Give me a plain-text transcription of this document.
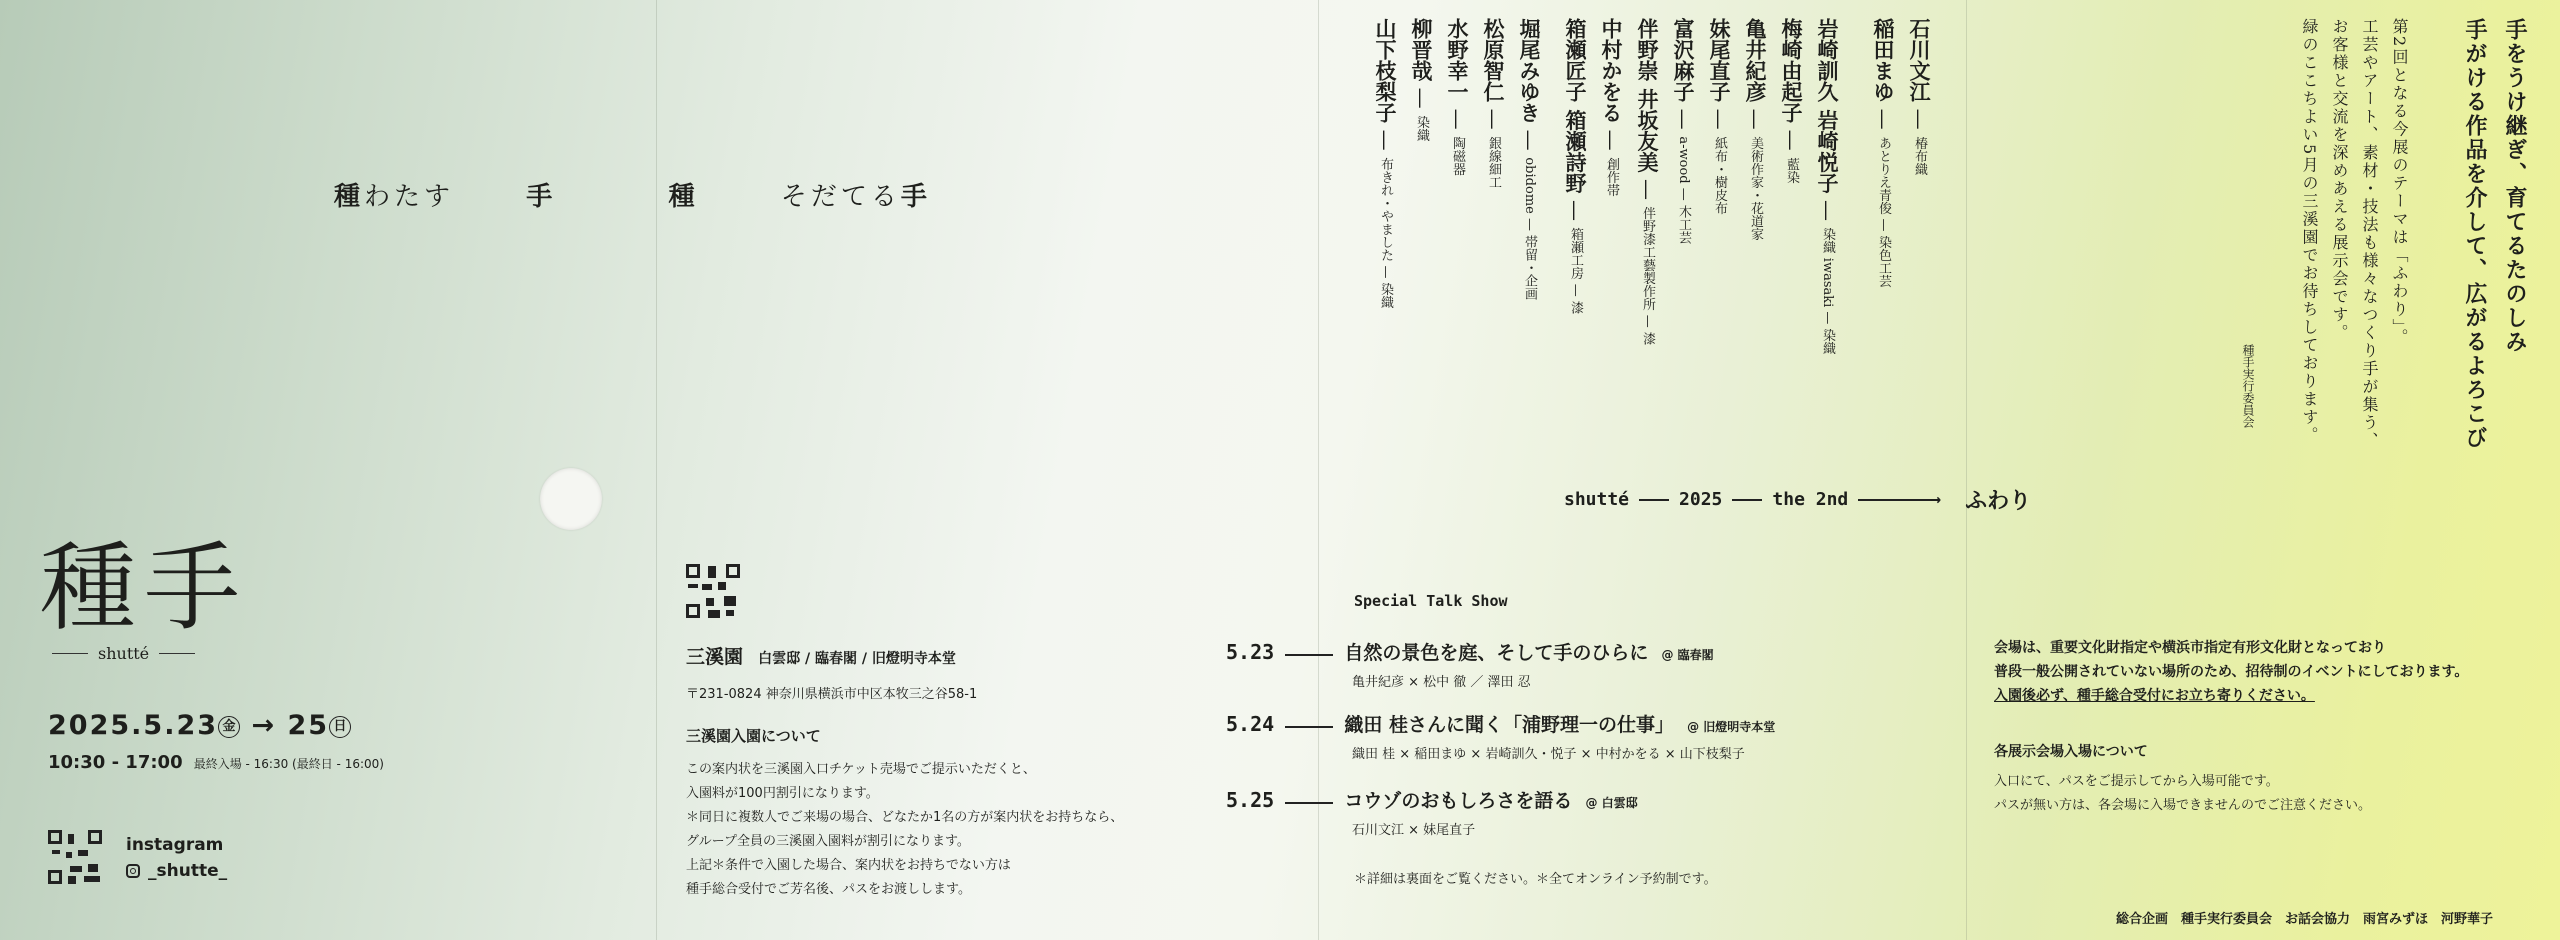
種わたす	手	種	そだてる手
種手
shutté
2025.5.23 金 → 25 日
10:30 - 17:00 最終入場 - 16:30 (最終日 - 16:00)
instagram
_shutte_
三溪園 白雲邸 / 臨春閣 / 旧燈明寺本堂
〒231-0824 神奈川県横浜市中区本牧三之谷58-1
三溪園入園について
この案内状を三溪園入口チケット売場でご提示いただくと、
入園料が100円割引になります。
＊同日に複数人でご来場の場合、どなたか1名の方が案内状をお持ちなら、
グループ全員の三溪園入園料が割引になります。
上記＊条件で入園した場合、案内状をお持ちでない方は
種手総合受付でご芳名後、パスをお渡しします。
石川文江 — 椿布織
稲田まゆ — あとりえ青俊 — 染色工芸
岩崎訓久 岩崎悦子 — 染織 iwasaki — 染織
梅崎由起子 — 藍染
亀井紀彦 — 美術作家・花道家
妹尾直子 — 紙布・樹皮布
富沢麻子 — a-wood — 木工芸
伴野崇 井坂友美 — 伴野漆工藝製作所 — 漆
中村かをる — 創作帯
箱瀬匠子 箱瀬詩野 — 箱瀬工房 — 漆
堀尾みゆき — obidome — 帯留・企画
松原智仁 — 銀線細工
水野幸一 — 陶磁器
柳晋哉 — 染織
山下枝梨子 — 布きれ・やました — 染織
shutté	2025	the 2nd	→ ふわり
Special Talk Show
5.23	自然の景色を庭、そして手のひらに @ 臨春閣
亀井紀彦 × 松中 徹 ／ 澤田 忍
5.24	織田 桂さんに聞く「浦野理一の仕事」 @ 旧燈明寺本堂
織田 桂 × 稲田まゆ × 岩崎訓久・悦子 × 中村かをる × 山下枝梨子
5.25	コウゾのおもしろさを語る @ 白雲邸
石川文江 × 妹尾直子
＊詳細は裏面をご覧ください。＊全てオンライン予約制です。
会場は、重要文化財指定や横浜市指定有形文化財となっており
普段一般公開されていない場所のため、招待制のイベントにしております。
入園後必ず、種手総合受付にお立ち寄りください。
各展示会場入場について
入口にて、パスをご提示してから入場可能です。
パスが無い方は、各会場に入場できませんのでご注意ください。
手をうけ継ぎ、育てるたのしみ
手がける作品を介して、広がるよろこび
第2回となる今展のテーマは「ふわり」。
工芸やアート、素材・技法も様々なつくり手が集う、
お客様と交流を深めあえる展示会です。
緑のここちよい5月の三溪園でお待ちしております。
種手実行委員会
総合企画　種手実行委員会　お話会協力　雨宮みずほ　河野華子
